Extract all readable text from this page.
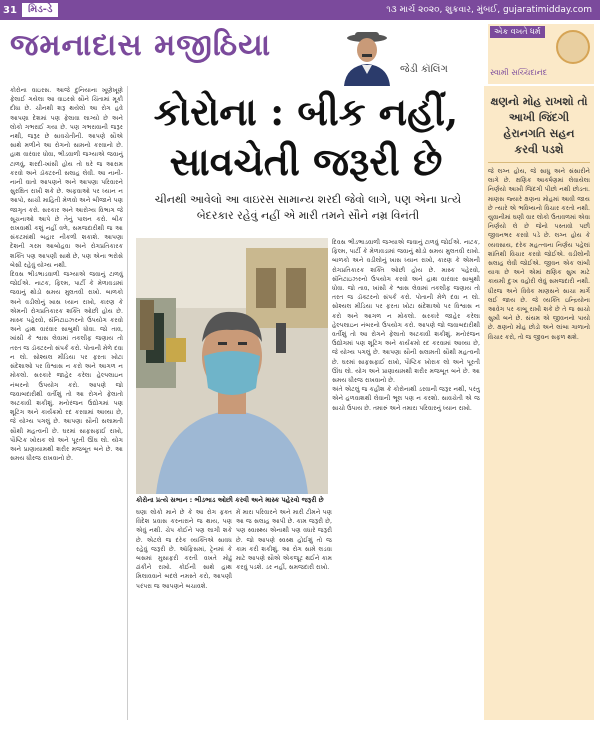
31	મિડ-ડે	૧૩ માર્ચ ૨૦૨૦, શુક્રવાર, મુંબઈ, gujaratimidday.com
જમનાદાસ મજીઠિયા
જેડી કૉલિંગ
એક વખતે ધર્મ
સ્વામી સચ્ચિદાનંદ

કોરોના વાઇરસ. આજે દુનિયાના ખૂણેખૂણે ફેલાઈ ગયેલા આ વાઇરસે સૌને ચિંતામાં મૂકી દીધા છે. ચીનથી શરૂ થયેલો આ રોગ હવે આપણા દેશમાં પણ ફેલાવા લાગ્યો છે અને લોકો ગભરાઈ ગયા છે. પણ ગભરાવાની જરૂર નથી, જરૂર છે સાવચેતીની. આપણે સૌએ સાથે મળીને આ રોગનો સામનો કરવાનો છે. હાથ વારંવાર ધોવા, ભીડવાળી જગ્યાએ જવાનું ટાળવું, શરદી-ખાંસી હોય તો ઘરે જ આરામ કરવો અને ડૉક્ટરની સલાહ લેવી. આ નાની-નાની વાતો આપણને અને આપણા પરિવારને સુરક્ષિત રાખી શકે છે. અફવાઓ પર ધ્યાન ન આપો, સાચી માહિતી મેળવો અને બીજાને પણ જાગૃત કરો. સરકાર અને આરોગ્ય વિભાગ જે સૂચનાઓ આપે છે તેનું પાલન કરો. બીક રાખવાથી કશું નહીં વળે, સમજદારીથી જ આ સંકટમાંથી બહાર નીકળી શકાશે. આપણા દેશની ગરમ આબોહવા અને રોગપ્રતિકારક શક્તિ પણ આપણી સાથે છે, પણ એના ભરોસે બેસી રહેવું યોગ્ય નથી.

દિવસ ભીડભાડવાળી જગ્યાએ જવાનું ટાળવું જોઈએ. નાટક, ફિલ્મ, પાર્ટી કે મેળાવડામાં જવાનું થોડો સમય મુલતવી રાખો. બાળકો અને વડીલોનું ખાસ ધ્યાન રાખો, કારણ કે એમની રોગપ્રતિકારક શક્તિ ઓછી હોય છે. માસ્ક પહેરવો, સૅનિટાઇઝરનો ઉપયોગ કરવો અને હાથ વારંવાર સાબુથી ધોવા. જો તાવ, ખાંસી કે શ્વાસ લેવામાં તકલીફ જણાય તો તરત જ ડૉક્ટરનો સંપર્ક કરો. પોતાની મેળે દવા ન લો. સોશ્યલ મીડિયા પર ફરતા ખોટા સંદેશાઓ પર વિશ્વાસ ન કરો અને આગળ ન મોકલો. સરકારે જાહેર કરેલા હેલ્પલાઇન નંબરનો ઉપયોગ કરો. આપણે જો જવાબદારીથી વર્તીશું તો આ રોગને ફેલાતો અટકાવી શકીશું. મનોરંજન ઉદ્યોગમાં પણ શૂટિંગ અને કાર્યક્રમો રદ કરવામાં આવ્યા છે, જે યોગ્ય પગલું છે. આપણા સૌની સલામતી સૌથી મહત્વની છે. ઘરમાં સાફસફાઈ રાખો, પૌષ્ટિક ખોરાક લો અને પૂરતી ઊંઘ લો. યોગ અને પ્રાણાયામથી શરીર મજબૂત બને છે. આ સમય ધીરજ રાખવાનો છે.

કોરોના : બીક નહીં,
સાવચેતી જરૂરી છે
ચીનથી આવેલો આ વાઇરસ સામાન્ય શરદી જેવો લાગે, પણ એના પ્રત્યે બેદરકાર રહેવું નહીં એ મારી તમને સૌને નમ્ર વિનંતી

દિવસ ભીડભાડવાળી જગ્યાએ જવાનું ટાળવું જોઈએ. નાટક, ફિલ્મ, પાર્ટી કે મેળાવડામાં જવાનું થોડો સમય મુલતવી રાખો. બાળકો અને વડીલોનું ખાસ ધ્યાન રાખો, કારણ કે એમની રોગપ્રતિકારક શક્તિ ઓછી હોય છે. માસ્ક પહેરવો, સૅનિટાઇઝરનો ઉપયોગ કરવો અને હાથ વારંવાર સાબુથી ધોવા. જો તાવ, ખાંસી કે શ્વાસ લેવામાં તકલીફ જણાય તો તરત જ ડૉક્ટરનો સંપર્ક કરો. પોતાની મેળે દવા ન લો. સોશ્યલ મીડિયા પર ફરતા ખોટા સંદેશાઓ પર વિશ્વાસ ન કરો અને આગળ ન મોકલો. સરકારે જાહેર કરેલા હેલ્પલાઇન નંબરનો ઉપયોગ કરો. આપણે જો જવાબદારીથી વર્તીશું તો આ રોગને ફેલાતો અટકાવી શકીશું. મનોરંજન ઉદ્યોગમાં પણ શૂટિંગ અને કાર્યક્રમો રદ કરવામાં આવ્યા છે, જે યોગ્ય પગલું છે. આપણા સૌની સલામતી સૌથી મહત્વની છે. ઘરમાં સાફસફાઈ રાખો, પૌષ્ટિક ખોરાક લો અને પૂરતી ઊંઘ લો. યોગ અને પ્રાણાયામથી શરીર મજબૂત બને છે. આ સમય ધીરજ રાખવાનો છે.

અંતે એટલું જ કહીશ કે કોરોનાથી ડરવાની જરૂર નથી, પરંતુ એને હળવાશથી લેવાની ભૂલ પણ ન કરશો. સાવચેતી એ જ સાચો ઉપાય છે. તમારું અને તમારા પરિવારનું ધ્યાન રાખો.

કોરોના પ્રત્યે સભાન : ભીડભાડ ઓછી કરવી અને માસ્ક પહેરવો જરૂરી છે

ઘણા લોકો માને છે કે આ રોગ ફક્ત વિદેશ પ્રવાસ કરનારાને જ થાય, પણ એવું નથી. ચેપ કોઈને પણ લાગી શકે છે. એટલે જ દરેક વ્યક્તિએ સાવધ રહેવું જરૂરી છે. ઑફિસમાં, ટ્રેનમાં કે બસમાં મુસાફરી કરતી વખતે મોઢું ઢાંકીને રાખો. કોઈની સાથે હાથ મિલાવવાને બદલે નમસ્તે કરો, આપણી પરંપરા જ આપણને બચાવશે.

મેં મારા પરિવારને અને મારી ટીમને પણ આ જ સલાહ આપી છે. કામ જરૂરી છે, પણ સ્વાસ્થ્ય એનાથી પણ વધારે જરૂરી છે. જો આપણે સ્વસ્થ હોઈશું તો જ કામ કરી શકીશું. આ રોગ સામે લડવા માટે આપણે સૌએ એકજૂટ થઈને કામ કરવું પડશે. ડર નહીં, સમજદારી રાખો.

ક્ષણનો મોહ રાખશો તો આખી જિંદગી હેરાનગતિ સહન કરવી પડશે

જે લગ્ન હોય, જે સાધુ અને સંસારીને લાગે છે. ક્ષણિક આકર્ષણમાં લેવાયેલા નિર્ણયો આખી જિંદગી પીછો નથી છોડતા. માણસ જ્યારે ક્ષણના મોહમાં આવી જાય છે ત્યારે એ ભવિષ્યનો વિચાર કરતો નથી. યુવાનીમાં ઘણી વાર લોકો ઉતાવળમાં એવા નિર્ણયો લે છે જેનો પસ્તાવો પછી જીવનભર કરવો પડે છે. લગ્ન હોય કે વ્યવસાય, દરેક મહત્ત્વના નિર્ણય પહેલાં શાંતિથી વિચાર કરવો જોઈએ. વડીલોની સલાહ લેવી જોઈએ. જીવન એક લાંબી યાત્રા છે અને એમાં ક્ષણિક સુખ માટે કાયમી દુઃખ વહોરી લેવું સમજદારી નથી. ધીરજ અને વિવેક માણસને સાચા માર્ગે લઈ જાય છે. જે વ્યક્તિ ઇન્દ્રિયોના આવેગ પર કાબૂ રાખી શકે છે તે જ સાચો સુખી બને છે. સંયમ એ જીવનનો પાયો છે. ક્ષણનો મોહ છોડો અને લાંબા ગાળાનો વિચાર કરો, તો જ જીવન સફળ થશે.
